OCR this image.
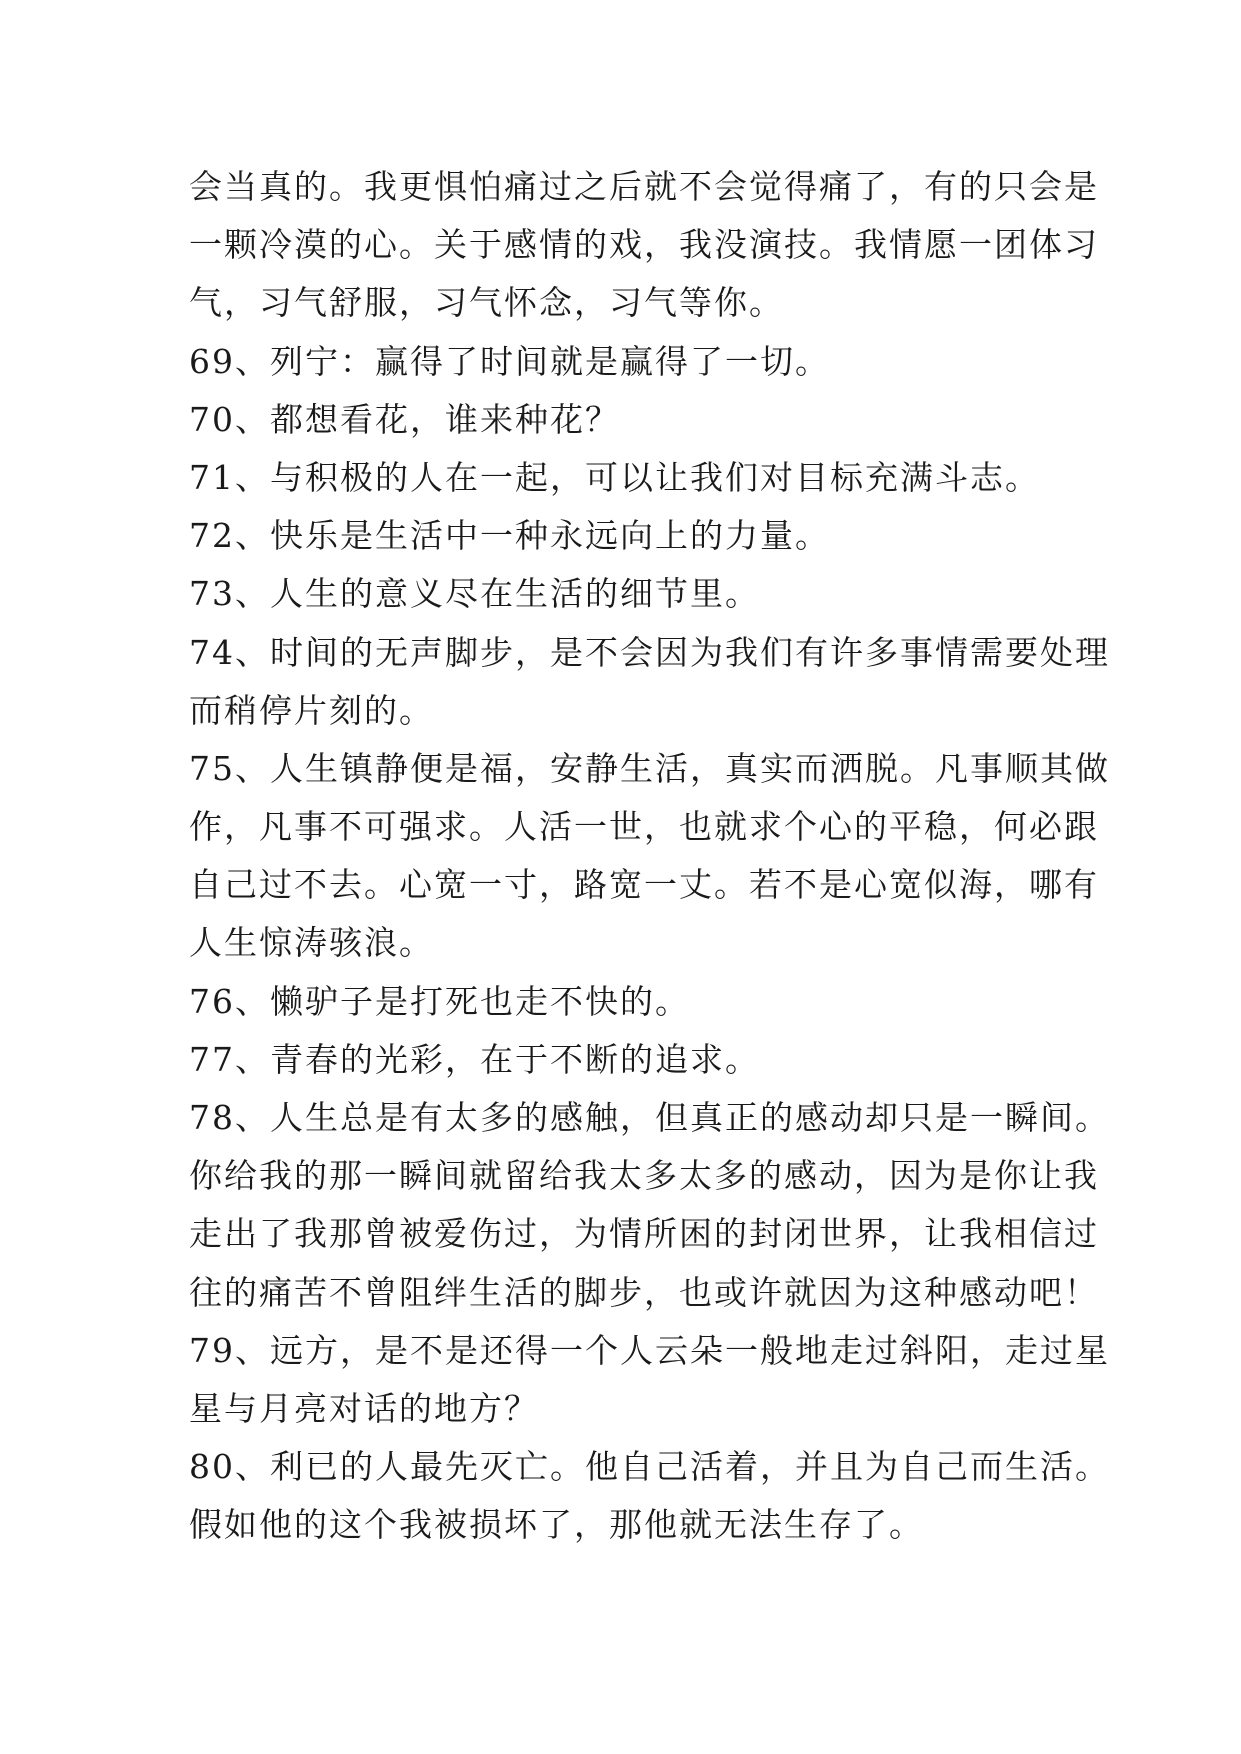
会当真的。我更惧怕痛过之后就不会觉得痛了，有的只会是
一颗冷漠的心。关于感情的戏，我没演技。我情愿一团体习
气，习气舒服，习气怀念，习气等你。
69、列宁：赢得了时间就是赢得了一切。
70、都想看花，谁来种花？
71、与积极的人在一起，可以让我们对目标充满斗志。
72、快乐是生活中一种永远向上的力量。
73、人生的意义尽在生活的细节里。
74、时间的无声脚步，是不会因为我们有许多事情需要处理
而稍停片刻的。
75、人生镇静便是福，安静生活，真实而洒脱。凡事顺其做
作，凡事不可强求。人活一世，也就求个心的平稳，何必跟
自己过不去。心宽一寸，路宽一丈。若不是心宽似海，哪有
人生惊涛骇浪。
76、懒驴子是打死也走不快的。
77、青春的光彩，在于不断的追求。
78、人生总是有太多的感触，但真正的感动却只是一瞬间。
你给我的那一瞬间就留给我太多太多的感动，因为是你让我
走出了我那曾被爱伤过，为情所困的封闭世界，让我相信过
往的痛苦不曾阻绊生活的脚步，也或许就因为这种感动吧！
79、远方，是不是还得一个人云朵一般地走过斜阳，走过星
星与月亮对话的地方？
80、利已的人最先灭亡。他自己活着，并且为自己而生活。
假如他的这个我被损坏了，那他就无法生存了。
